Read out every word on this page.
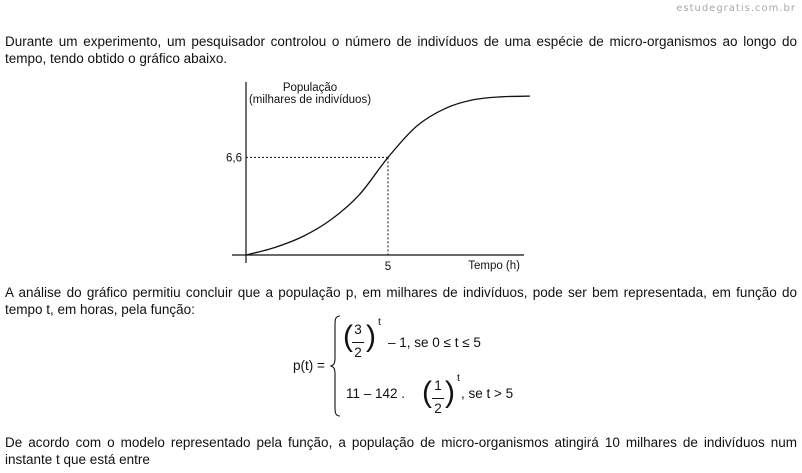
estudegratis.com.br
Durante um experimento, um pesquisador controlou o número de indivíduos de uma espécie de micro-organismos ao longo do tempo, tendo obtido o gráfico abaixo.
População
(milhares de indivíduos)
6,6
5	Tempo (h)
A análise do gráfico permitiu concluir que a população p, em milhares de indivíduos, pode ser bem representada, em função do tempo t, em horas, pela função:
p(t) =
( 3
2 ) t
– 1, se 0 ≤ t ≤ 5
11 – 142 . ( 1
2 ) t
, se t > 5
De acordo com o modelo representado pela função, a população de micro-organismos atingirá 10 milhares de indivíduos num instante t que está entre
